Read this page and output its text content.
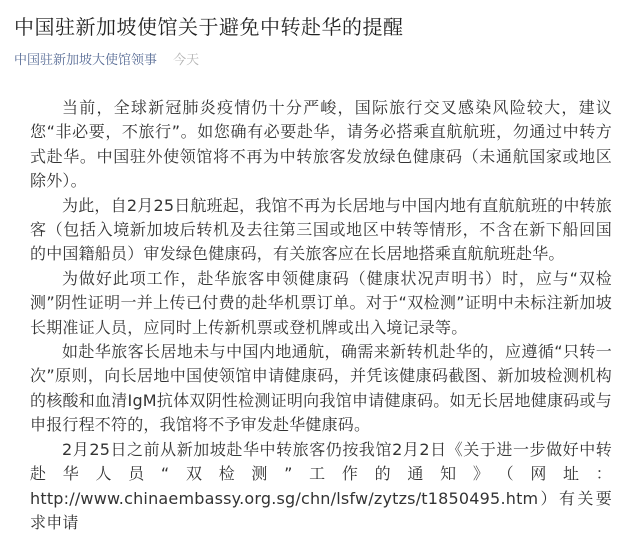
中国驻新加坡使馆关于避免中转赴华的提醒
中国驻新加坡大使馆领事 今天

当前，全球新冠肺炎疫情仍十分严峻，国际旅行交叉感染风险较大，建议您“非必要，不旅行”。如您确有必要赴华，请务必搭乘直航航班，勿通过中转方式赴华。中国驻外使领馆将不再为中转旅客发放绿色健康码（未通航国家或地区除外）。

为此，自2月25日航班起，我馆不再为长居地与中国内地有直航航班的中转旅客（包括入境新加坡后转机及去往第三国或地区中转等情形，不含在新下船回国的中国籍船员）审发绿色健康码，有关旅客应在长居地搭乘直航航班赴华。

为做好此项工作，赴华旅客申领健康码（健康状况声明书）时，应与“双检测”阴性证明一并上传已付费的赴华机票订单。对于“双检测”证明中未标注新加坡长期准证人员，应同时上传新机票或登机牌或出入境记录等。

如赴华旅客长居地未与中国内地通航，确需来新转机赴华的，应遵循“只转一次”原则，向长居地中国使领馆申请健康码，并凭该健康码截图、新加坡检测机构的核酸和血清IgM抗体双阴性检测证明向我馆申请健康码。如无长居地健康码或与申报行程不符的，我馆将不予审发赴华健康码。

2月25日之前从新加坡赴华中转旅客仍按我馆2月2日《关于进一步做好中转赴华人员“双检测”工作的通知》（网址：http://www.chinaembassy.org.sg/chn/lsfw/zytzs/t1850495.htm）有关要求申请
